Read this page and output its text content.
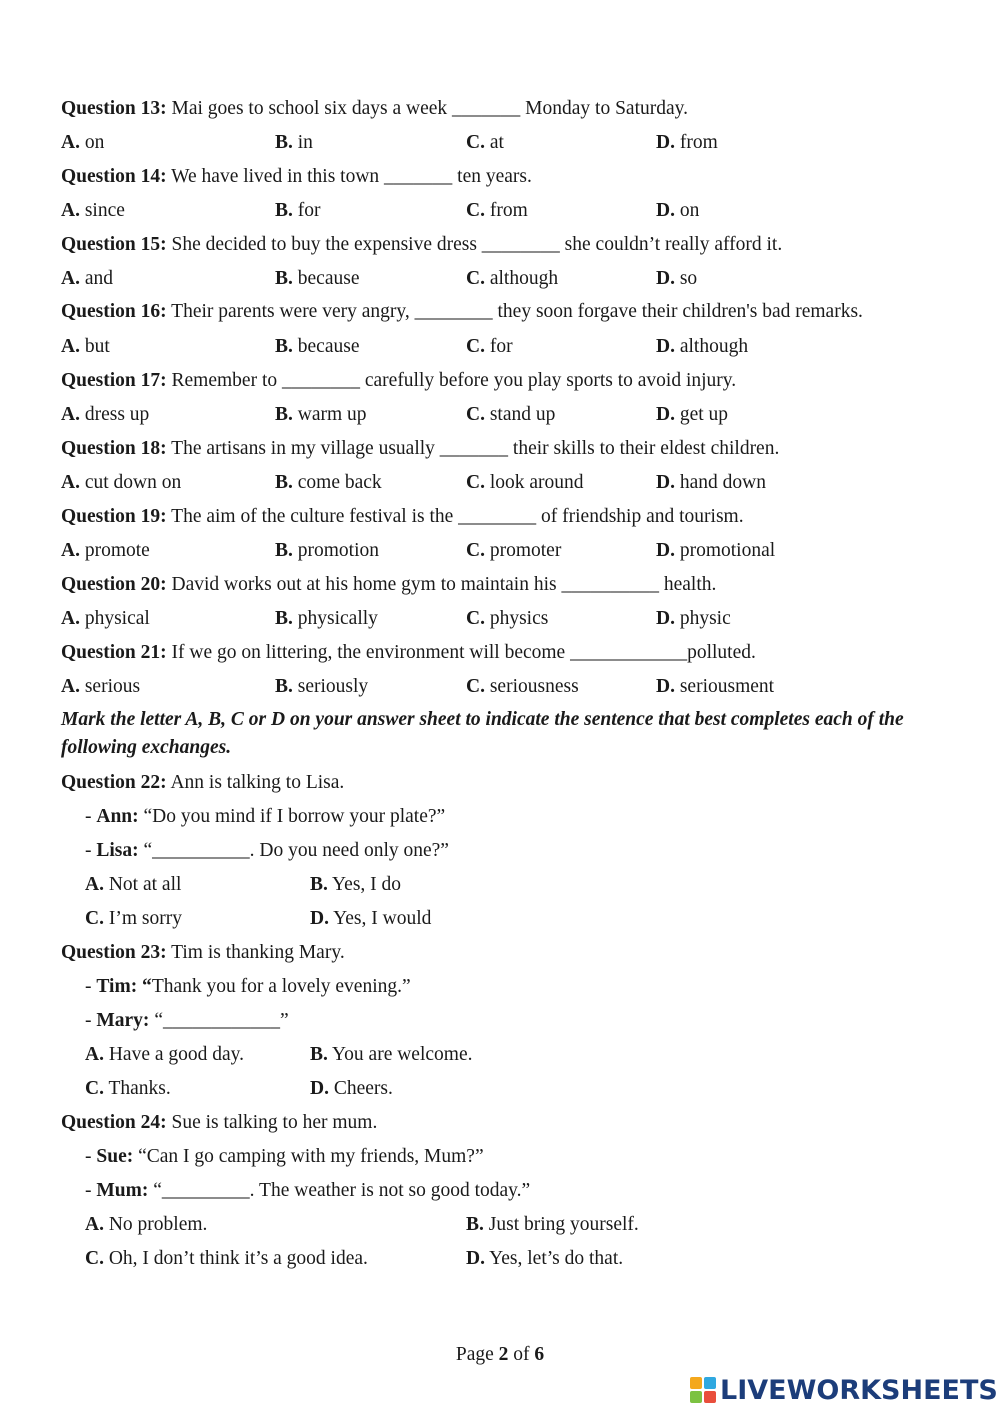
Question 13: Mai goes to school six days a week _______ Monday to Saturday.
A. on	B. in	C. at	D. from
Question 14: We have lived in this town _______ ten years.
A. since	B. for	C. from	D. on
Question 15: She decided to buy the expensive dress ________ she couldn’t really afford it.
A. and	B. because	C. although	D. so
Question 16: Their parents were very angry, ________ they soon forgave their children's bad remarks.
A. but	B. because	C. for	D. although
Question 17: Remember to ________ carefully before you play sports to avoid injury.
A. dress up	B. warm up	C. stand up	D. get up
Question 18: The artisans in my village usually _______ their skills to their eldest children.
A. cut down on	B. come back	C. look around	D. hand down
Question 19: The aim of the culture festival is the ________ of friendship and tourism.
A. promote	B. promotion	C. promoter	D. promotional
Question 20: David works out at his home gym to maintain his __________ health.
A. physical	B. physically	C. physics	D. physic
Question 21: If we go on littering, the environment will become ____________polluted.
A. serious	B. seriously	C. seriousness	D. seriousment
Mark the letter A, B, C or D on your answer sheet to indicate the sentence that best completes each of the following exchanges.
Question 22: Ann is talking to Lisa.
- Ann: “Do you mind if I borrow your plate?”
- Lisa: “__________. Do you need only one?”
A. Not at all	B. Yes, I do
C. I’m sorry	D. Yes, I would
Question 23: Tim is thanking Mary.
- Tim: “Thank you for a lovely evening.”
- Mary: “____________”
A. Have a good day.	B. You are welcome.
C. Thanks.	D. Cheers.
Question 24: Sue is talking to her mum.
- Sue: “Can I go camping with my friends, Mum?”
- Mum: “_________. The weather is not so good today.”
A. No problem.	B. Just bring yourself.
C. Oh, I don’t think it’s a good idea.	D. Yes, let’s do that.
Page 2 of 6
LIVEWORKSHEETS
